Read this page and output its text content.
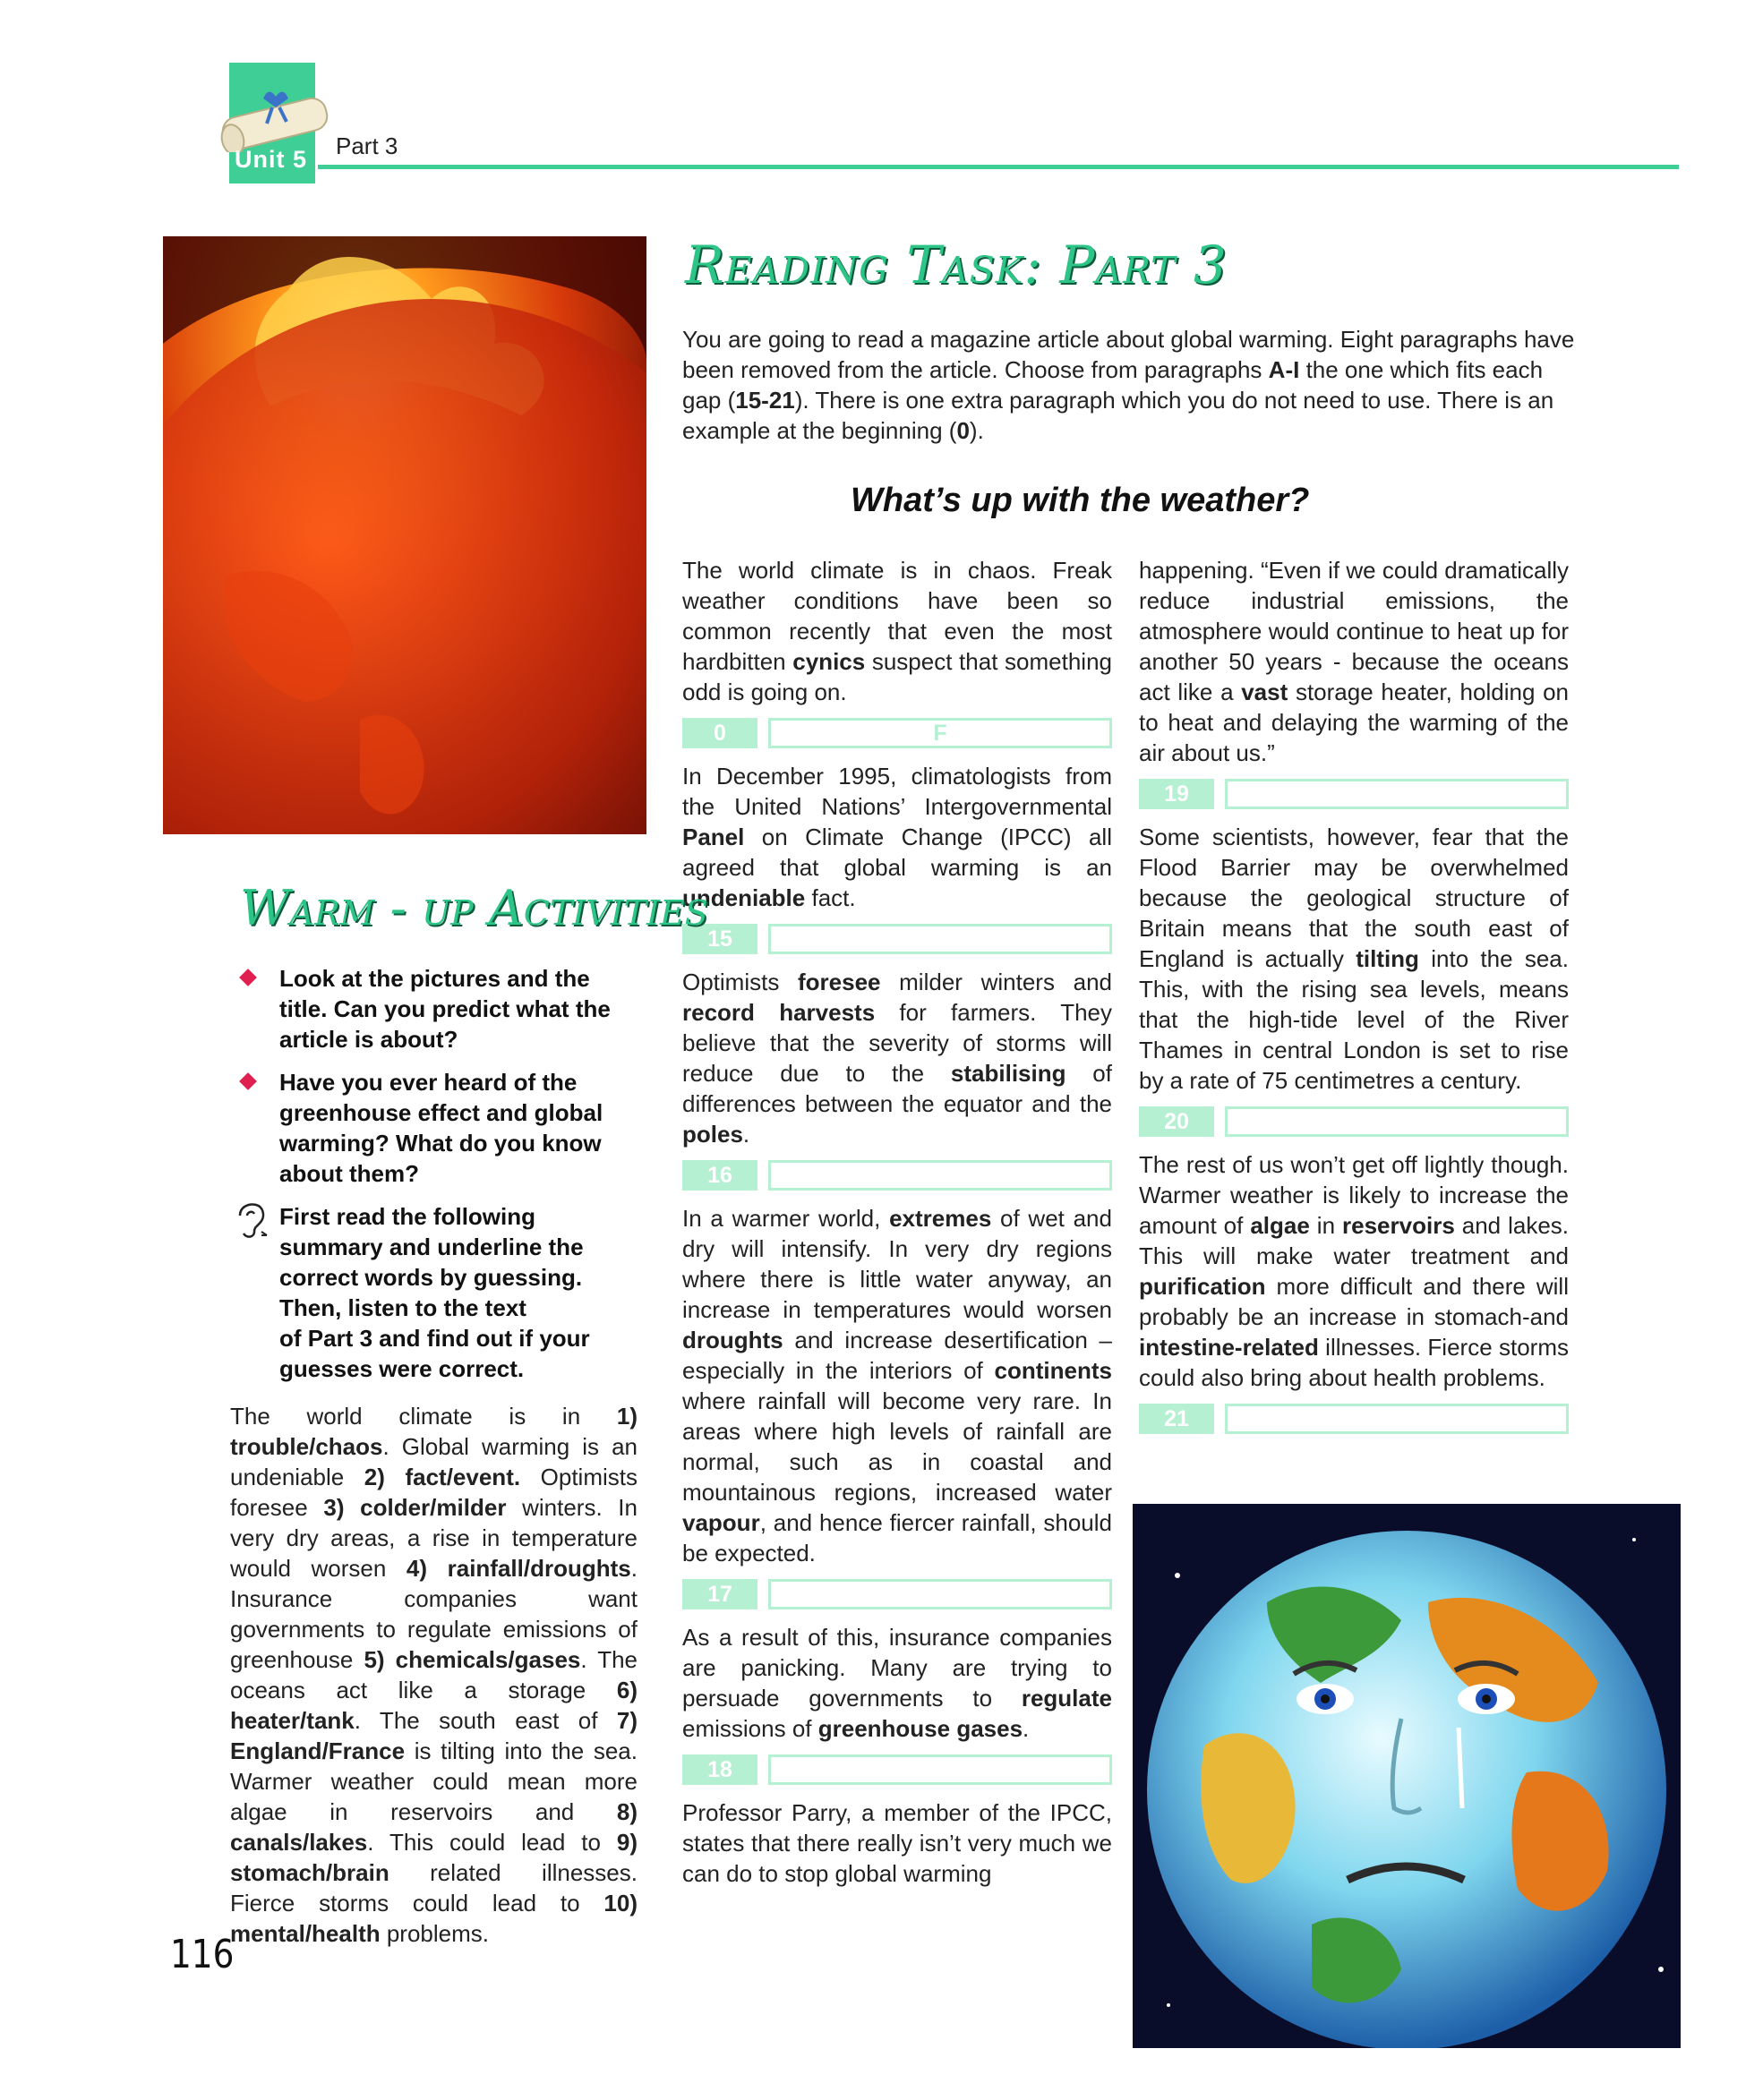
Unit 5 Part 3
Reading Task: Part 3
You are going to read a magazine article about global warming. Eight paragraphs have been removed from the article. Choose from paragraphs A-I the one which fits each gap (15-21). There is one extra paragraph which you do not need to use. There is an example at the beginning (0).
What’s up with the weather?

The world climate is in chaos. Freak weather conditions have been so common recently that even the most hardbitten cynics suspect that something odd is going on.

0	F

In December 1995, climatologists from the United Nations’ Intergovernmental Panel on Climate Change (IPCC) all agreed that global warming is an undeniable fact.

15

Optimists foresee milder winters and record harvests for farmers. They believe that the severity of storms will reduce due to the stabilising of differences between the equator and the poles.

16

In a warmer world, extremes of wet and dry will intensify. In very dry regions where there is little water anyway, an increase in temperatures would worsen droughts and increase desertification – especially in the interiors of continents where rainfall will become very rare. In areas where high levels of rainfall are normal, such as in coastal and mountainous regions, increased water vapour, and hence fiercer rainfall, should be expected.

17

As a result of this, insurance companies are panicking. Many are trying to persuade governments to regulate emissions of greenhouse gases.

18

Professor Parry, a member of the IPCC, states that there really isn’t very much we can do to stop global warming

happening. “Even if we could dramatically reduce industrial emissions, the atmosphere would continue to heat up for another 50 years - because the oceans act like a vast storage heater, holding on to heat and delaying the warming of the air about us.”

19

Some scientists, however, fear that the Flood Barrier may be overwhelmed because the geological structure of Britain means that the south east of England is actually tilting into the sea. This, with the rising sea levels, means that the high-tide level of the River Thames in central London is set to rise by a rate of 75 centimetres a century.

20

The rest of us won’t get off lightly though. Warmer weather is likely to increase the amount of algae in reservoirs and lakes. This will make water treatment and purification more difficult and there will probably be an increase in stomach-and intestine-related illnesses. Fierce storms could also bring about health problems.

21
Warm - up Activities
Look at the pictures and the title. Can you predict what the article is about?
Have you ever heard of the greenhouse effect and global warming? What do you know about them?
First read the following summary and underline the correct words by guessing. Then, listen to the text
of Part 3 and find out if your guesses were correct.

The world climate is in 1) trouble/chaos. Global warming is an undeniable 2) fact/event. Optimists foresee 3) colder/milder winters. In very dry areas, a rise in temperature would worsen 4) rainfall/droughts. Insurance companies want governments to regulate emissions of greenhouse 5) chemicals/gases. The oceans act like a storage 6) heater/tank. The south east of 7) England/France is tilting into the sea. Warmer weather could mean more algae in reservoirs and 8) canals/lakes. This could lead to 9) stomach/brain related illnesses. Fierce storms could lead to 10) mental/health problems.

116
